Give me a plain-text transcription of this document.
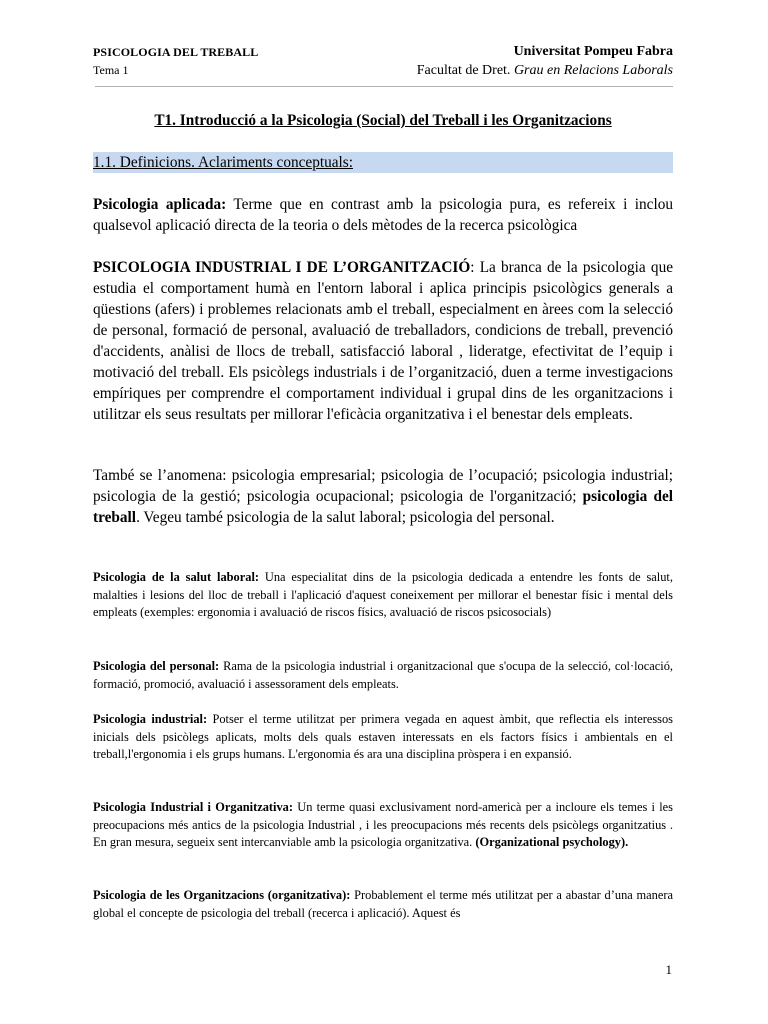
PSICOLOGIA DEL TREBALL
Tema 1
Universitat Pompeu Fabra
Facultat de Dret. Grau en Relacions Laborals
T1. Introducció a la Psicologia (Social) del Treball i les Organitzacions
1.1. Definicions. Aclariments conceptuals:

Psicologia aplicada: Terme que en contrast amb la psicologia pura, es refereix i inclou qualsevol aplicació directa de la teoria o dels mètodes de la recerca psicològica

PSICOLOGIA INDUSTRIAL I DE L’ORGANITZACIÓ: La branca de la psicologia que estudia el comportament humà en l'entorn laboral i aplica principis psicològics generals a qüestions (afers) i problemes relacionats amb el treball, especialment en àrees com la selecció de personal, formació de personal, avaluació de treballadors, condicions de treball, prevenció d'accidents, anàlisi de llocs de treball, satisfacció laboral , lideratge, efectivitat de l’equip i motivació del treball. Els psicòlegs industrials i de l’organització, duen a terme investigacions empíriques per comprendre el comportament individual i grupal dins de les organitzacions i utilitzar els seus resultats per millorar l'eficàcia organitzativa i el benestar dels empleats.

També se l’anomena: psicologia empresarial; psicologia de l’ocupació; psicologia industrial; psicologia de la gestió; psicologia ocupacional; psicologia de l'organització; psicologia del treball. Vegeu també psicologia de la salut laboral; psicologia del personal.

Psicologia de la salut laboral: Una especialitat dins de la psicologia dedicada a entendre les fonts de salut, malalties i lesions del lloc de treball i l'aplicació d'aquest coneixement per millorar el benestar físic i mental dels empleats (exemples: ergonomia i avaluació de riscos físics, avaluació de riscos psicosocials)

Psicologia del personal: Rama de la psicologia industrial i organitzacional que s'ocupa de la selecció, col·locació, formació, promoció, avaluació i assessorament dels empleats.

Psicologia industrial: Potser el terme utilitzat per primera vegada en aquest àmbit, que reflectia els interessos inicials dels psicòlegs aplicats, molts dels quals estaven interessats en els factors físics i ambientals en el treball,l'ergonomia i els grups humans. L'ergonomia és ara una disciplina pròspera i en expansió.

Psicologia Industrial i Organitzativa: Un terme quasi exclusivament nord-americà per a incloure els temes i les preocupacions més antics de la psicologia Industrial , i les preocupacions més recents dels psicòlegs organitzatius . En gran mesura, segueix sent intercanviable amb la psicologia organitzativa. (Organizational psychology).

Psicologia de les Organitzacions (organitzativa): Probablement el terme més utilitzat per a abastar d’una manera global el concepte de psicologia del treball (recerca i aplicació). Aquest és

1
